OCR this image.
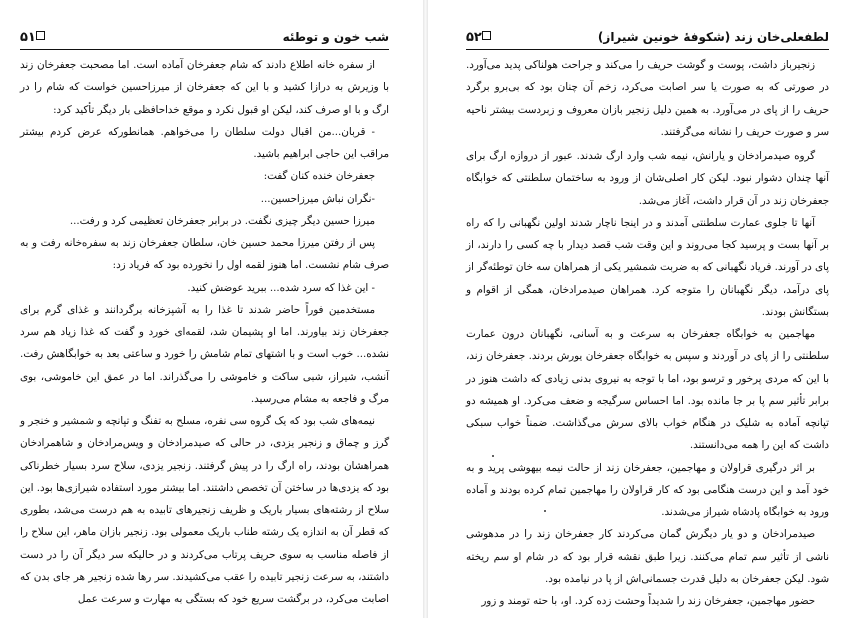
شب خون و توطئه
۵۱

از سفره خانه اطلاع دادند که شام جعفرخان آماده است. اما مصحبت جعفرخان زند با وزیرش به درازا کشید و با این که جعفرخان از میرزاحسین خواست که شام را در ارگ و با او صرف کند، لیکن او قبول نکرد و موقع خداحافظی بار دیگر تأکید کرد:

- قربان...من اقبال دولت سلطان را می‌خواهم. همانطورکه عرض کردم بیشتر مراقب این حاجی ابراهیم باشید.

جعفرخان خنده کنان گفت:

-نگران نباش میرزاحسین...

میرزا حسین دیگر چیزی نگفت. در برابر جعفرخان تعظیمی کرد و رفت...

پس از رفتن میرزا محمد حسین خان، سلطان جعفرخان زند به سفره‌خانه رفت و به صرف شام نشست. اما هنوز لقمه اول را نخورده بود که فریاد زد:

- این غذا که سرد شده... ببرید عوضش کنید.

مستخدمین فوراً حاضر شدند تا غذا را به آشپزخانه برگردانند و غذای گرم برای جعفرخان زند بیاورند. اما او پشیمان شد، لقمه‌ای خورد و گفت که غذا زیاد هم سرد نشده... خوب است و با اشتهای تمام شامش را خورد و ساعتی بعد به خوابگاهش رفت. آنشب، شیراز، شبی ساکت و خاموشی را می‌گذراند. اما در عمق این خاموشی، بوی مرگ و فاجعه به مشام می‌رسید.

نیمه‌های شب بود که یک گروه سی نفره، مسلح به تفنگ و تپانچه و شمشیر و خنجر و گرز و چماق و زنجیر یزدی، در حالی که صیدمرادخان و ویس‌مرادخان و شاهمرادخان همراهشان بودند، راه ارگ را در پیش گرفتند. زنجیر یزدی، سلاح سرد بسیار خطرناکی بود که یزدی‌ها در ساختن آن تخصص داشتند. اما بیشتر مورد استفاده شیرازی‌ها بود. این سلاح از رشته‌های بسیار باریک و ظریف زنجیرهای تابیده به هم درست می‌شد، بطوری که قطر آن به اندازه یک رشته طناب باریک معمولی بود. زنجیر بازان ماهر، این سلاح را از فاصله مناسب به سوی حریف پرتاب می‌کردند و در حالیکه سر دیگر آن را در دست داشتند، به سرعت زنجیر تابیده را عقب می‌کشیدند. سر رها شده زنجیر هر جای بدن که اصابت می‌کرد، در برگشت سریع خود که بستگی به مهارت و سرعت عمل

لطفعلی‌خان زند (شکوفهٔ خونین شیراز)
۵۲

زنجیرباز داشت، پوست و گوشت حریف را می‌کند و جراحت هولناکی پدید می‌آورد. در صورتی که به صورت یا سر اصابت می‌کرد، زخم آن چنان بود که بی‌برو برگرد حریف را از پای در می‌آورد. به همین دلیل زنجیر بازان معروف و زبردست بیشتر ناحیه سر و صورت حریف را نشانه می‌گرفتند.

گروه صیدمرادخان و یارانش، نیمه شب وارد ارگ شدند. عبور از دروازه ارگ برای آنها چندان دشوار نبود. لیکن کار اصلی‌شان از ورود به ساختمان سلطنتی که خوابگاه جعفرخان زند در آن قرار داشت، آغاز می‌شد.

آنها تا جلوی عمارت سلطنتی آمدند و در اینجا ناچار شدند اولین نگهبانی را که راه بر آنها بست و پرسید کجا می‌روند و این وقت شب قصد دیدار با چه کسی را دارند، از پای در آورند. فریاد نگهبانی که به ضربت شمشیر یکی از همراهان سه خان توطئه‌گر از پای درآمد، دیگر نگهبانان را متوجه کرد. همراهان صیدمرادخان، همگی از اقوام و بستگانش بودند.

مهاجمین به خوابگاه جعفرخان به سرعت و به آسانی، نگهبانان درون عمارت سلطنتی را از پای در آوردند و سپس به خوابگاه جعفرخان یورش بردند. جعفرخان زند، با این که مردی پرخور و ترسو بود، اما با توجه به نیروی بدنی زیادی که داشت هنوز در برابر تأثیر سم پا بر جا مانده بود. اما احساس سرگیجه و ضعف می‌کرد. او همیشه دو تپانچه آماده به شلیک در هنگام خواب بالای سرش می‌گذاشت. ضمناً خواب سبکی داشت که این را همه می‌دانستند.

بر اثر درگیری قراولان و مهاجمین، جعفرخان زند از حالت نیمه بیهوشی پرید و به خود آمد و این درست هنگامی بود که کار قراولان را مهاجمین تمام کرده بودند و آماده ورود به خوابگاه پادشاه شیراز می‌شدند.

صیدمرادخان و دو یار دیگرش گمان می‌کردند کار جعفرخان زند را در مدهوشی ناشی از تأثیر سم تمام می‌کنند. زیرا طبق نقشه قرار بود که در شام او سم ریخته شود. لیکن جعفرخان به دلیل قدرت جسمانی‌اش از پا در نیامده بود.

حضور مهاجمین، جعفرخان زند را شدیداً وحشت زده کرد. او، با حته تومند و زور
